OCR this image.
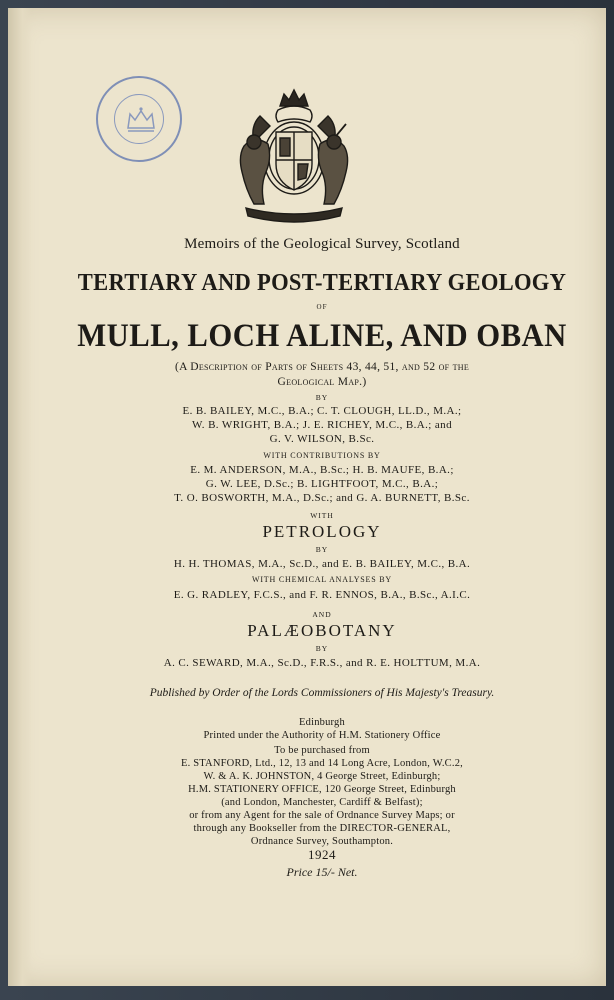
Memoirs of the Geological Survey, Scotland

TERTIARY AND POST-TERTIARY GEOLOGY

OF

MULL, LOCH ALINE, AND OBAN

(A Description of Parts of Sheets 43, 44, 51, and 52 of the

Geological Map.)

BY

E. B. BAILEY, M.C., B.A.; C. T. CLOUGH, LL.D., M.A.;

W. B. WRIGHT, B.A.; J. E. RICHEY, M.C., B.A.; and

G. V. WILSON, B.Sc.

WITH CONTRIBUTIONS BY

E. M. ANDERSON, M.A., B.Sc.; H. B. MAUFE, B.A.;

G. W. LEE, D.Sc.; B. LIGHTFOOT, M.C., B.A.;

T. O. BOSWORTH, M.A., D.Sc.; and G. A. BURNETT, B.Sc.

WITH

PETROLOGY

BY

H. H. THOMAS, M.A., Sc.D., and E. B. BAILEY, M.C., B.A.

WITH CHEMICAL ANALYSES BY

E. G. RADLEY, F.C.S., and F. R. ENNOS, B.A., B.Sc., A.I.C.

AND

PALÆOBOTANY

BY

A. C. SEWARD, M.A., Sc.D., F.R.S., and R. E. HOLTTUM, M.A.

Published by Order of the Lords Commissioners of His Majesty's Treasury.

Edinburgh

Printed under the Authority of H.M. Stationery Office

To be purchased from

E. STANFORD, Ltd., 12, 13 and 14 Long Acre, London, W.C.2,

W. & A. K. JOHNSTON, 4 George Street, Edinburgh;

H.M. STATIONERY OFFICE, 120 George Street, Edinburgh

(and London, Manchester, Cardiff & Belfast);

or from any Agent for the sale of Ordnance Survey Maps; or

through any Bookseller from the DIRECTOR-GENERAL,

Ordnance Survey, Southampton.

1924

Price 15/- Net.
